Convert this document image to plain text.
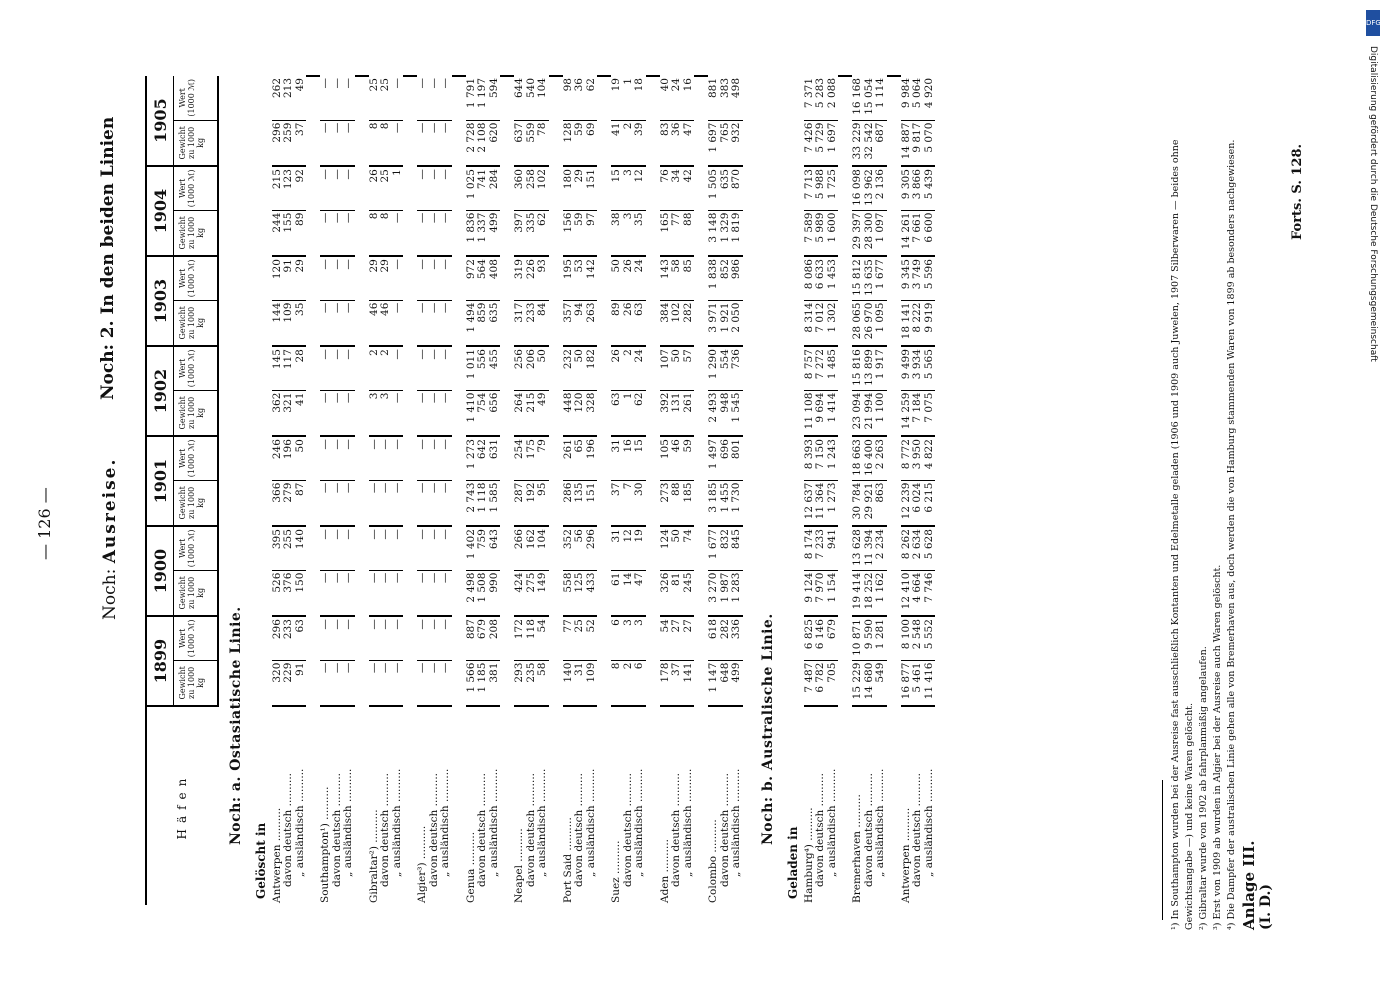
Anlage III. (I. D.)
— 126 —
Noch: Ausreise.
Noch: 2. In den beiden Linien
Häfen	1899		1900		1901		1902		1903		1904		1905	
	Gewicht zu 1000 kg	Wert (1000 ℳ)	Gewicht zu 1000 kg	Wert (1000 ℳ)	Gewicht zu 1000 kg	Wert (1000 ℳ)	Gewicht zu 1000 kg	Wert (1000 ℳ)	Gewicht zu 1000 kg	Wert (1000 ℳ)	Gewicht zu 1000 kg	Wert (1000 ℳ)	Gewicht zu 1000 kg	Wert (1000 ℳ)
Noch: a. Ostasiatische Linie.														
Gelöscht in														
Antwerpen ..........	320	296	526	395	366	246	362	145	144	120	244	215	296	262
davon deutsch ..........	229	233	376	255	279	196	321	117	109	91	155	123	259	213
„ ausländisch ..........	91	63	150	140	87	50	41	28	35	29	89	92	37	49

Southampton¹) ..........	—	—	—	—	—	—	—	—	—	—	—	—	—	—
davon deutsch ..........	—	—	—	—	—	—	—	—	—	—	—	—	—	—
„ ausländisch ..........	—	—	—	—	—	—	—	—	—	—	—	—	—	—

Gibraltar²) ..........	—	—	—	—	—	—	3	2	46	29	8	26	8	25
davon deutsch ..........	—	—	—	—	—	—	3	2	46	29	8	25	8	25
„ ausländisch ..........	—	—	—	—	—	—	—	—	—	—	—	1	—	—

Algier³) ..........	—	—	—	—	—	—	—	—	—	—	—	—	—	—
davon deutsch ..........	—	—	—	—	—	—	—	—	—	—	—	—	—	—
„ ausländisch ..........	—	—	—	—	—	—	—	—	—	—	—	—	—	—

Genua ..........	1 566	887	2 498	1 402	2 743	1 273	1 410	1 011	1 494	972	1 836	1 025	2 728	1 791
davon deutsch ..........	1 185	679	1 508	759	1 118	642	754	556	859	564	1 337	741	2 108	1 197
„ ausländisch ..........	381	208	990	643	1 585	631	656	455	635	408	499	284	620	594

Neapel ..........	293	172	424	266	287	254	264	256	317	319	397	360	637	644
davon deutsch ..........	235	118	275	162	192	175	215	206	233	226	335	258	559	540
„ ausländisch ..........	58	54	149	104	95	79	49	50	84	93	62	102	78	104

Port Said ..........	140	77	558	352	286	261	448	232	357	195	156	180	128	98
davon deutsch ..........	31	25	125	56	135	65	120	50	94	53	59	29	59	36
„ ausländisch ..........	109	52	433	296	151	196	328	182	263	142	97	151	69	62

Suez ..........	8	6	61	31	37	31	63	26	89	50	38	15	41	19
davon deutsch ..........	2	3	14	12	7	16	1	2	26	26	3	3	2	1
„ ausländisch ..........	6	3	47	19	30	15	62	24	63	24	35	12	39	18

Aden ..........	178	54	326	124	273	105	392	107	384	143	165	76	83	40
davon deutsch ..........	37	27	81	50	88	46	131	50	102	58	77	34	36	24
„ ausländisch ..........	141	27	245	74	185	59	261	57	282	85	88	42	47	16

Colombo ..........	1 147	618	3 270	1 677	3 185	1 497	2 493	1 290	3 971	1 838	3 148	1 505	1 697	881
davon deutsch ..........	648	282	1 987	832	1 455	696	948	554	1 921	852	1 329	635	765	383
„ ausländisch ..........	499	336	1 283	845	1 730	801	1 545	736	2 050	986	1 819	870	932	498
Noch: b. Australische Linie.														
Geladen in														
Hamburg⁴) ..........	7 487	6 825	9 124	8 174	12 637	8 393	11 108	8 757	8 314	8 086	7 589	7 713	7 426	7 371
davon deutsch ..........	6 782	6 146	7 970	7 233	11 364	7 150	9 694	7 272	7 012	6 633	5 989	5 988	5 729	5 283
„ ausländisch ..........	705	679	1 154	941	1 273	1 243	1 414	1 485	1 302	1 453	1 600	1 725	1 697	2 088

Bremerhaven ..........	15 229	10 871	19 414	13 628	30 784	18 663	23 094	15 816	28 065	15 812	29 397	16 098	33 229	16 168
davon deutsch ..........	14 680	9 590	18 252	11 394	29 921	16 400	21 994	13 899	26 970	13 635	28 300	13 962	32 542	15 054
„ ausländisch ..........	549	1 281	1 162	2 234	863	2 263	1 100	1 917	1 095	1 677	1 097	2 136	687	1 114

Antwerpen ..........	16 877	8 100	12 410	8 262	12 239	8 772	14 259	9 499	18 141	9 345	14 261	9 305	14 887	9 984
davon deutsch ..........	5 461	2 548	4 664	2 634	6 024	3 950	7 184	3 934	8 222	3 749	7 661	3 866	9 817	5 064
„ ausländisch ..........	11 416	5 552	7 746	5 628	6 215	4 822	7 075	5 565	9 919	5 596	6 600	5 439	5 070	4 920
¹) In Southampton wurden bei der Ausreise fast ausschließlich Kontanten und Edelmetalle geladen (1906 und 1909 auch Juwelen, 1907 Silberwaren — beides ohne Gewichtsangabe —) und keine Waren gelöscht. ²) Gibraltar wurde von 1902 ab fahrplanmäßig angelaufen. ³) Erst von 1909 ab wurden in Algier bei der Ausreise auch Waren gelöscht. ⁴) Die Dampfer der australischen Linie gehen alle von Bremerhaven aus, doch werden die von Hamburg stammenden Waren von 1899 ab besonders nachgewiesen.	Forts. S. 128.
DFG
Digitalisierung gefördert durch die Deutsche Forschungsgemeinschaft
